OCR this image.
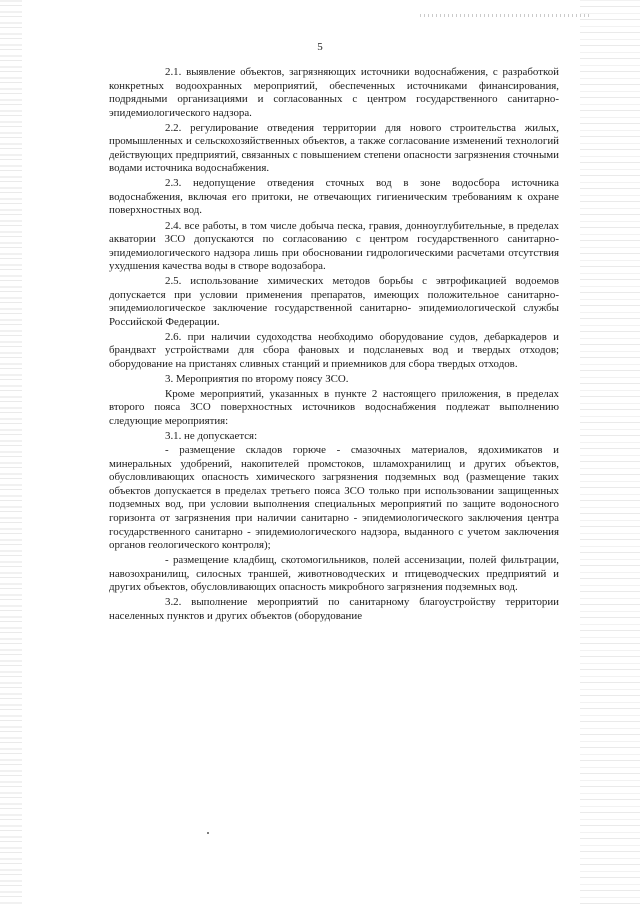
5

2.1. выявление объектов, загрязняющих источники водоснабжения, с разработкой конкретных водоохранных мероприятий, обеспеченных источниками финансирования, подрядными организациями и согласованных с центром государственного санитарно-эпидемиологического надзора.

2.2. регулирование отведения территории для нового строительства жилых, промышленных и сельскохозяйственных объектов, а также согласование изменений технологий действующих предприятий, связанных с повышением степени опасности загрязнения сточными водами источника водоснабжения.

2.3. недопущение отведения сточных вод в зоне водосбора источника водоснабжения, включая его притоки, не отвечающих гигиеническим требованиям к охране поверхностных вод.

2.4. все работы, в том числе добыча песка, гравия, донноуглубительные, в пределах акватории ЗСО допускаются по согласованию с центром государственного санитарно-эпидемиологического надзора лишь при обосновании гидрологическими расчетами отсутствия ухудшения качества воды в створе водозабора.

2.5. использование химических методов борьбы с эвтрофикацией водоемов допускается при условии применения препаратов, имеющих положительное санитарно-эпидемиологическое заключение государственной санитарно- эпидемиологической службы Российской Федерации.

2.6. при наличии судоходства необходимо оборудование судов, дебаркадеров и брандвахт устройствами для сбора фановых и подсланевых вод и твердых отходов; оборудование на пристанях сливных станций и приемников для сбора твердых отходов.

3. Мероприятия по второму поясу ЗСО.

Кроме мероприятий, указанных в пункте 2 настоящего приложения, в пределах второго пояса ЗСО поверхностных источников водоснабжения подлежат выполнению следующие мероприятия:

3.1. не допускается:

- размещение складов горюче - смазочных материалов, ядохимикатов и минеральных удобрений, накопителей промстоков, шламохранилищ и других объектов, обусловливающих опасность химического загрязнения подземных вод (размещение таких объектов допускается в пределах третьего пояса ЗСО только при использовании защищенных подземных вод, при условии выполнения специальных мероприятий по защите водоносного горизонта от загрязнения при наличии санитарно - эпидемиологического заключения центра государственного санитарно - эпидемиологического надзора, выданного с учетом заключения органов геологического контроля);

- размещение кладбищ, скотомогильников, полей ассенизации, полей фильтрации, навозохранилищ, силосных траншей, животноводческих и птицеводческих предприятий и других объектов, обусловливающих опасность микробного загрязнения подземных вод.

3.2. выполнение мероприятий по санитарному благоустройству территории населенных пунктов и других объектов (оборудование
